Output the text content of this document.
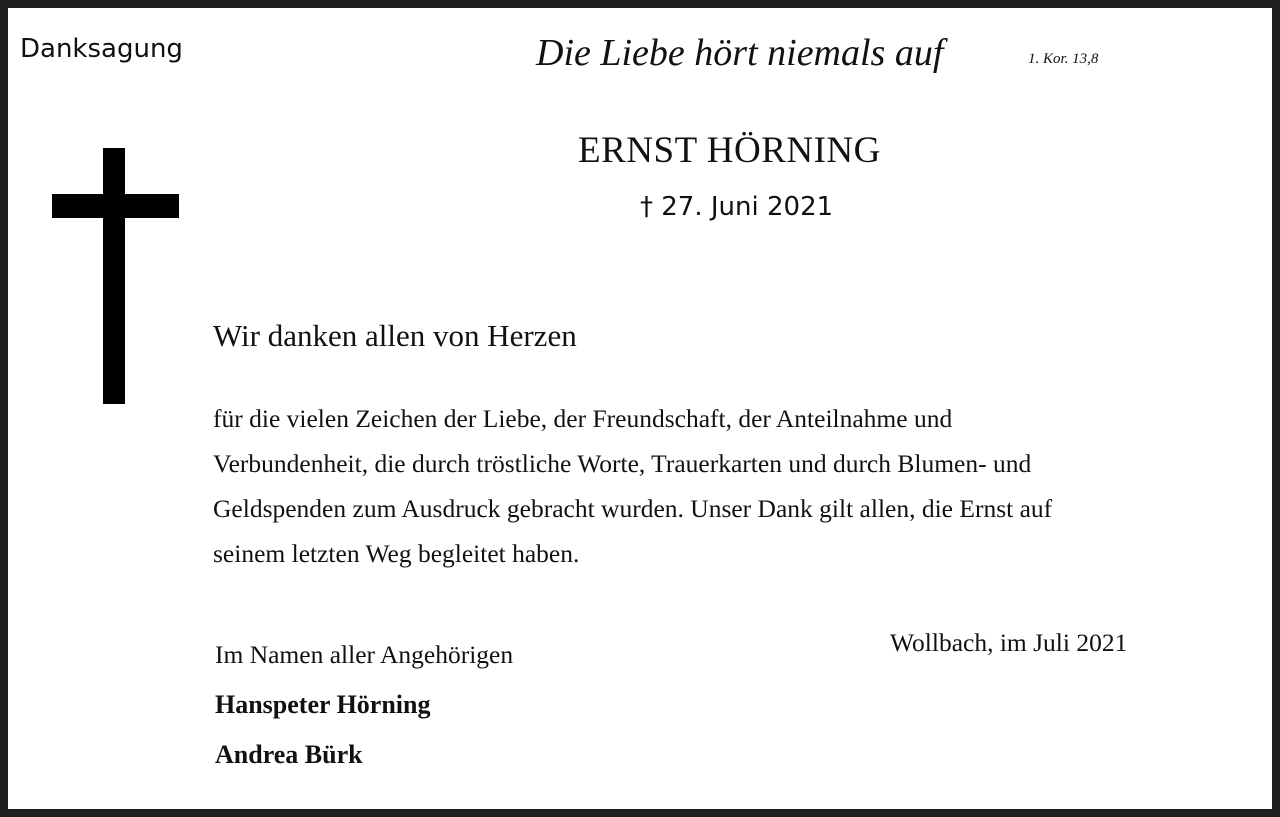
Danksagung	Die Liebe hört niemals auf	1. Kor. 13,8
ERNST HÖRNING
† 27. Juni 2021
Wir danken allen von Herzen
für die vielen Zeichen der Liebe, der Freundschaft, der Anteilnahme und
Verbundenheit, die durch tröstliche Worte, Trauerkarten und durch Blumen- und
Geldspenden zum Ausdruck gebracht wurden. Unser Dank gilt allen, die Ernst auf
seinem letzten Weg begleitet haben.
Wollbach, im Juli 2021
Im Namen aller Angehörigen
Hanspeter Hörning
Andrea Bürk
